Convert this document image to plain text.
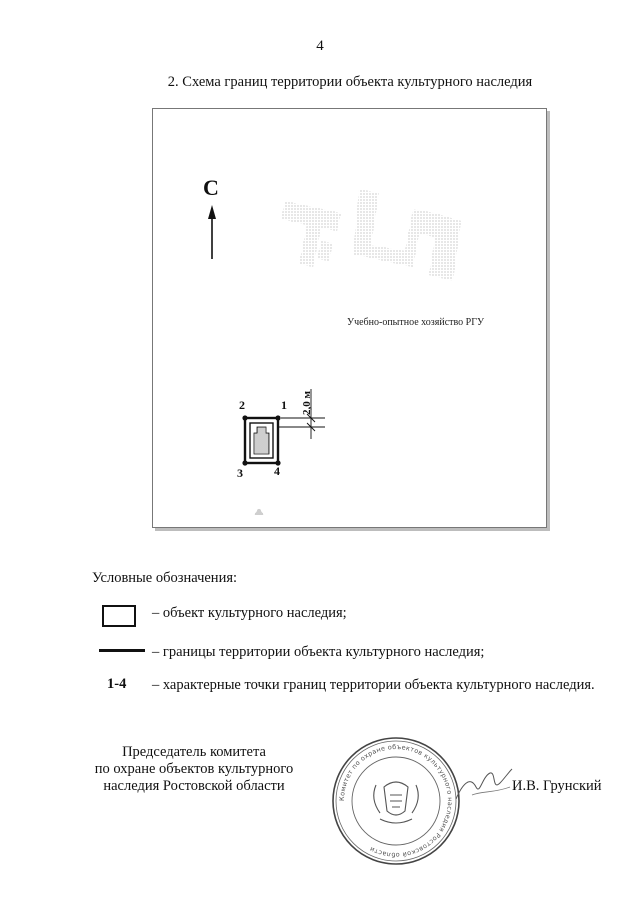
4
2. Схема границ территории объекта культурного наследия
С
Учебно-опытное хозяйство РГУ
2,0 м
1
2
3	4
Условные обозначения:
– объект культурного наследия;
– границы территории объекта культурного наследия;
1-4 – характерные точки границ территории объекта культурного наследия.
Председатель комитета
по охране объектов культурного
наследия Ростовской области
Комитет по охране объектов культурного наследия Ростовской области
И.В. Грунский
